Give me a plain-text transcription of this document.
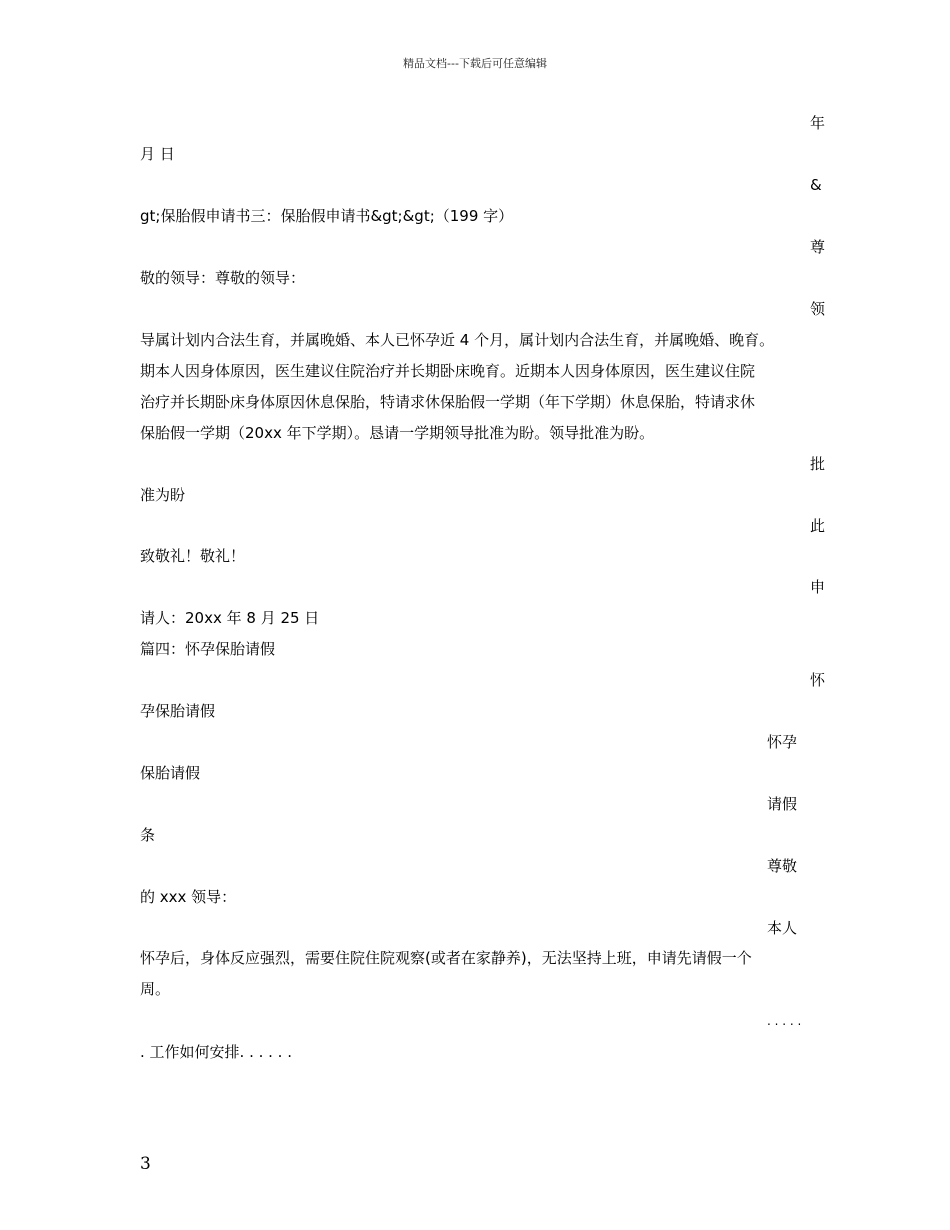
精品文档---下载后可任意编辑
年
月 日
&
gt;保胎假申请书三：保胎假申请书&gt;&gt;（199 字）
尊
敬的领导：尊敬的领导：
领
导属计划内合法生育，并属晚婚、本人已怀孕近 4 个月，属计划内合法生育，并属晚婚、晚育。
期本人因身体原因，医生建议住院治疗并长期卧床晚育。近期本人因身体原因，医生建议住院
治疗并长期卧床身体原因休息保胎，特请求休保胎假一学期（年下学期）休息保胎，特请求休
保胎假一学期（20xx 年下学期）。恳请一学期领导批准为盼。领导批准为盼。
批
准为盼
此
致敬礼！敬礼！
申
请人：20xx 年 8 月 25 日
篇四：怀孕保胎请假
怀
孕保胎请假
怀孕
保胎请假
请假
条
尊敬
的 xxx 领导：
本人
怀孕后，身体反应强烈，需要住院住院观察(或者在家静养)，无法坚持上班，申请先请假一个
周。
. . . . .
. 工作如何安排. . . . . .
3
